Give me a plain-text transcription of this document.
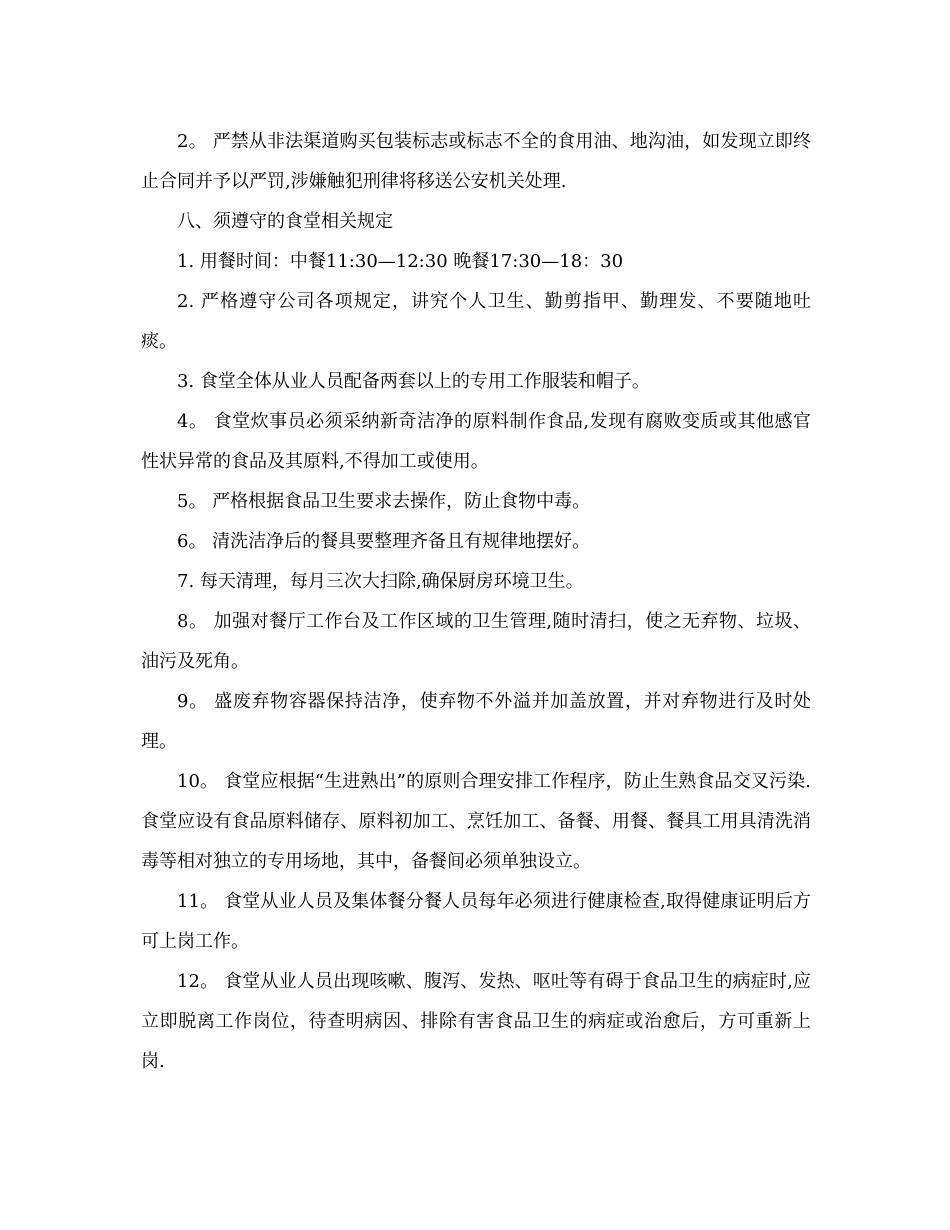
2。 严禁从非法渠道购买包装标志或标志不全的食用油、地沟油，如发现立即终止合同并予以严罚,涉嫌触犯刑律将移送公安机关处理.

八、须遵守的食堂相关规定

1. 用餐时间：中餐11:30—12:30 晚餐17:30—18：30

2. 严格遵守公司各项规定，讲究个人卫生、勤剪指甲、勤理发、不要随地吐痰。

3. 食堂全体从业人员配备两套以上的专用工作服装和帽子。

4。 食堂炊事员必须采纳新奇洁净的原料制作食品,发现有腐败变质或其他感官性状异常的食品及其原料,不得加工或使用。

5。 严格根据食品卫生要求去操作，防止食物中毒。

6。 清洗洁净后的餐具要整理齐备且有规律地摆好。

7. 每天清理，每月三次大扫除,确保厨房环境卫生。

8。 加强对餐厅工作台及工作区域的卫生管理,随时清扫，使之无弃物、垃圾、油污及死角。

9。 盛废弃物容器保持洁净，使弃物不外溢并加盖放置，并对弃物进行及时处理。

10。 食堂应根据“生进熟出”的原则合理安排工作程序，防止生熟食品交叉污染.食堂应设有食品原料储存、原料初加工、烹饪加工、备餐、用餐、餐具工用具清洗消毒等相对独立的专用场地，其中，备餐间必须单独设立。

11。 食堂从业人员及集体餐分餐人员每年必须进行健康检查,取得健康证明后方可上岗工作。

12。 食堂从业人员出现咳嗽、腹泻、发热、呕吐等有碍于食品卫生的病症时,应立即脱离工作岗位，待查明病因、排除有害食品卫生的病症或治愈后，方可重新上岗.
